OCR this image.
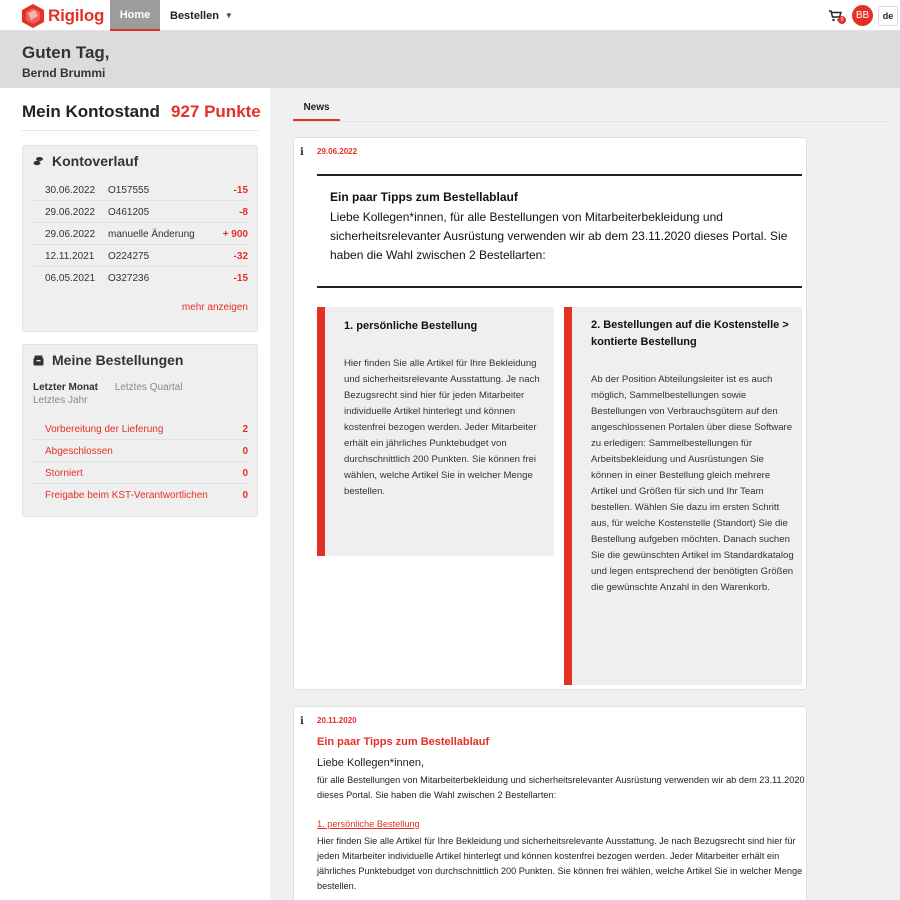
Rigilog	Home	Bestellen ▼	0	BB	de
Guten Tag,
Bernd Brummi
Mein Kontostand 927 Punkte
Kontoverlauf
30.06.2022 O157555	-15
29.06.2022 O461205	-8
29.06.2022 manuelle Änderung	+ 900
12.11.2021 O224275	-32
06.05.2021 O327236	-15
mehr anzeigen
Meine Bestellungen
Letzter Monat Letztes Quartal
Letztes Jahr
Vorbereitung der Lieferung	2
Abgeschlossen	0
Storniert	0
Freigabe beim KST-Verantwortlichen	0
News
i 29.06.2022
Ein paar Tipps zum Bestellablauf
Liebe Kollegen*innen, für alle Bestellungen von Mitarbeiterbekleidung und sicherheitsrelevanter Ausrüstung verwenden wir ab dem 23.11.2020 dieses Portal. Sie haben die Wahl zwischen 2 Bestellarten:
1. persönliche Bestellung
Hier finden Sie alle Artikel für Ihre Bekleidung und sicherheitsrelevante Ausstattung. Je nach Bezugsrecht sind hier für jeden Mitarbeiter individuelle Artikel hinterlegt und können kostenfrei bezogen werden. Jeder Mitarbeiter erhält ein jährliches Punktebudget von durchschnittlich 200 Punkten. Sie können frei wählen, welche Artikel Sie in welcher Menge bestellen.
2. Bestellungen auf die Kostenstelle > kontierte Bestellung
Ab der Position Abteilungsleiter ist es auch möglich, Sammelbestellungen sowie Bestellungen von Verbrauchsgütern auf den angeschlossenen Portalen über diese Software zu erledigen: Sammelbestellungen für Arbeitsbekleidung und Ausrüstungen Sie können in einer Bestellung gleich mehrere Artikel und Größen für sich und Ihr Team bestellen. Wählen Sie dazu im ersten Schritt aus, für welche Kostenstelle (Standort) Sie die Bestellung aufgeben möchten. Danach suchen Sie die gewünschten Artikel im Standardkatalog und legen entsprechend der benötigten Größen die gewünschte Anzahl in den Warenkorb.
i 20.11.2020
Ein paar Tipps zum Bestellablauf
Liebe Kollegen*innen,
für alle Bestellungen von Mitarbeiterbekleidung und sicherheitsrelevanter Ausrüstung verwenden wir ab dem 23.11.2020 dieses Portal. Sie haben die Wahl zwischen 2 Bestellarten:
1. persönliche Bestellung
Hier finden Sie alle Artikel für Ihre Bekleidung und sicherheitsrelevante Ausstattung. Je nach Bezugsrecht sind hier für jeden Mitarbeiter individuelle Artikel hinterlegt und können kostenfrei bezogen werden. Jeder Mitarbeiter erhält ein jährliches Punktebudget von durchschnittlich 200 Punkten. Sie können frei wählen, welche Artikel Sie in welcher Menge bestellen.
